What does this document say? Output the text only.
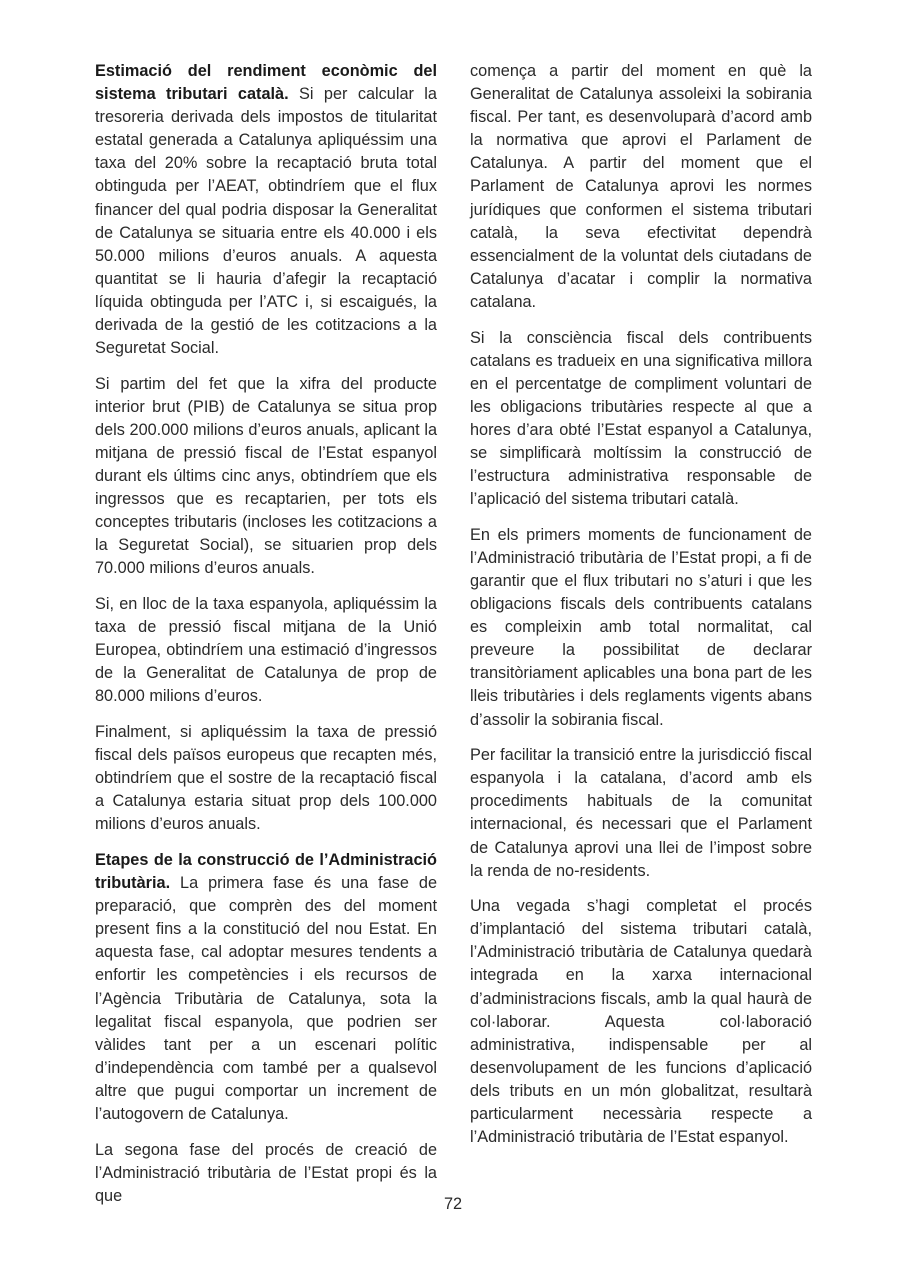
Estimació del rendiment econòmic del sistema tributari català. Si per calcular la tresoreria derivada dels impostos de titularitat estatal generada a Catalunya apliquéssim una taxa del 20% sobre la recaptació bruta total obtinguda per l’AEAT, obtindríem que el flux financer del qual podria disposar la Generalitat de Catalunya se situaria entre els 40.000 i els 50.000 milions d’euros anuals. A aquesta quantitat se li hauria d’afegir la recaptació líquida obtinguda per l’ATC i, si escaigués, la derivada de la gestió de les cotitzacions a la Seguretat Social.

Si partim del fet que la xifra del producte interior brut (PIB) de Catalunya se situa prop dels 200.000 milions d’euros anuals, aplicant la mitjana de pressió fiscal de l’Estat espanyol durant els últims cinc anys, obtindríem que els ingressos que es recaptarien, per tots els conceptes tributaris (incloses les cotitzacions a la Seguretat Social), se situarien prop dels 70.000 milions d’euros anuals.

Si, en lloc de la taxa espanyola, apliquéssim la taxa de pressió fiscal mitjana de la Unió Europea, obtindríem una estimació d’ingressos de la Generalitat de Catalunya de prop de 80.000 milions d’euros.

Finalment, si apliquéssim la taxa de pressió fiscal dels països europeus que recapten més, obtindríem que el sostre de la recaptació fiscal a Catalunya estaria situat prop dels 100.000 milions d’euros anuals.

Etapes de la construcció de l’Administració tributària. La primera fase és una fase de preparació, que comprèn des del moment present fins a la constitució del nou Estat. En aquesta fase, cal adoptar mesures tendents a enfortir les competències i els recursos de l’Agència Tributària de Catalunya, sota la legalitat fiscal espanyola, que podrien ser vàlides tant per a un escenari polític d’independència com també per a qualsevol altre que pugui comportar un increment de l’autogovern de Catalunya.

La segona fase del procés de creació de l’Administració tributària de l’Estat propi és la que

comença a partir del moment en què la Generalitat de Catalunya assoleixi la sobirania fiscal. Per tant, es desenvoluparà d’acord amb la normativa que aprovi el Parlament de Catalunya. A partir del moment que el Parlament de Catalunya aprovi les normes jurídiques que conformen el sistema tributari català, la seva efectivitat dependrà essencialment de la voluntat dels ciutadans de Catalunya d’acatar i complir la normativa catalana.

Si la consciència fiscal dels contribuents catalans es tradueix en una significativa millora en el percentatge de compliment voluntari de les obligacions tributàries respecte al que a hores d’ara obté l’Estat espanyol a Catalunya, se simplificarà moltíssim la construcció de l’estructura administrativa responsable de l’aplicació del sistema tributari català.

En els primers moments de funcionament de l’Administració tributària de l’Estat propi, a fi de garantir que el flux tributari no s’aturi i que les obligacions fiscals dels contribuents catalans es compleixin amb total normalitat, cal preveure la possibilitat de declarar transitòriament aplicables una bona part de les lleis tributàries i dels reglaments vigents abans d’assolir la sobirania fiscal.

Per facilitar la transició entre la jurisdicció fiscal espanyola i la catalana, d’acord amb els procediments habituals de la comunitat internacional, és necessari que el Parlament de Catalunya aprovi una llei de l’impost sobre la renda de no-residents.

Una vegada s’hagi completat el procés d’implantació del sistema tributari català, l’Administració tributària de Catalunya quedarà integrada en la xarxa internacional d’administracions fiscals, amb la qual haurà de col·laborar. Aquesta col·laboració administrativa, indispensable per al desenvolupament de les funcions d’aplicació dels tributs en un món globalitzat, resultarà particularment necessària respecte a l’Administració tributària de l’Estat espanyol.

72
